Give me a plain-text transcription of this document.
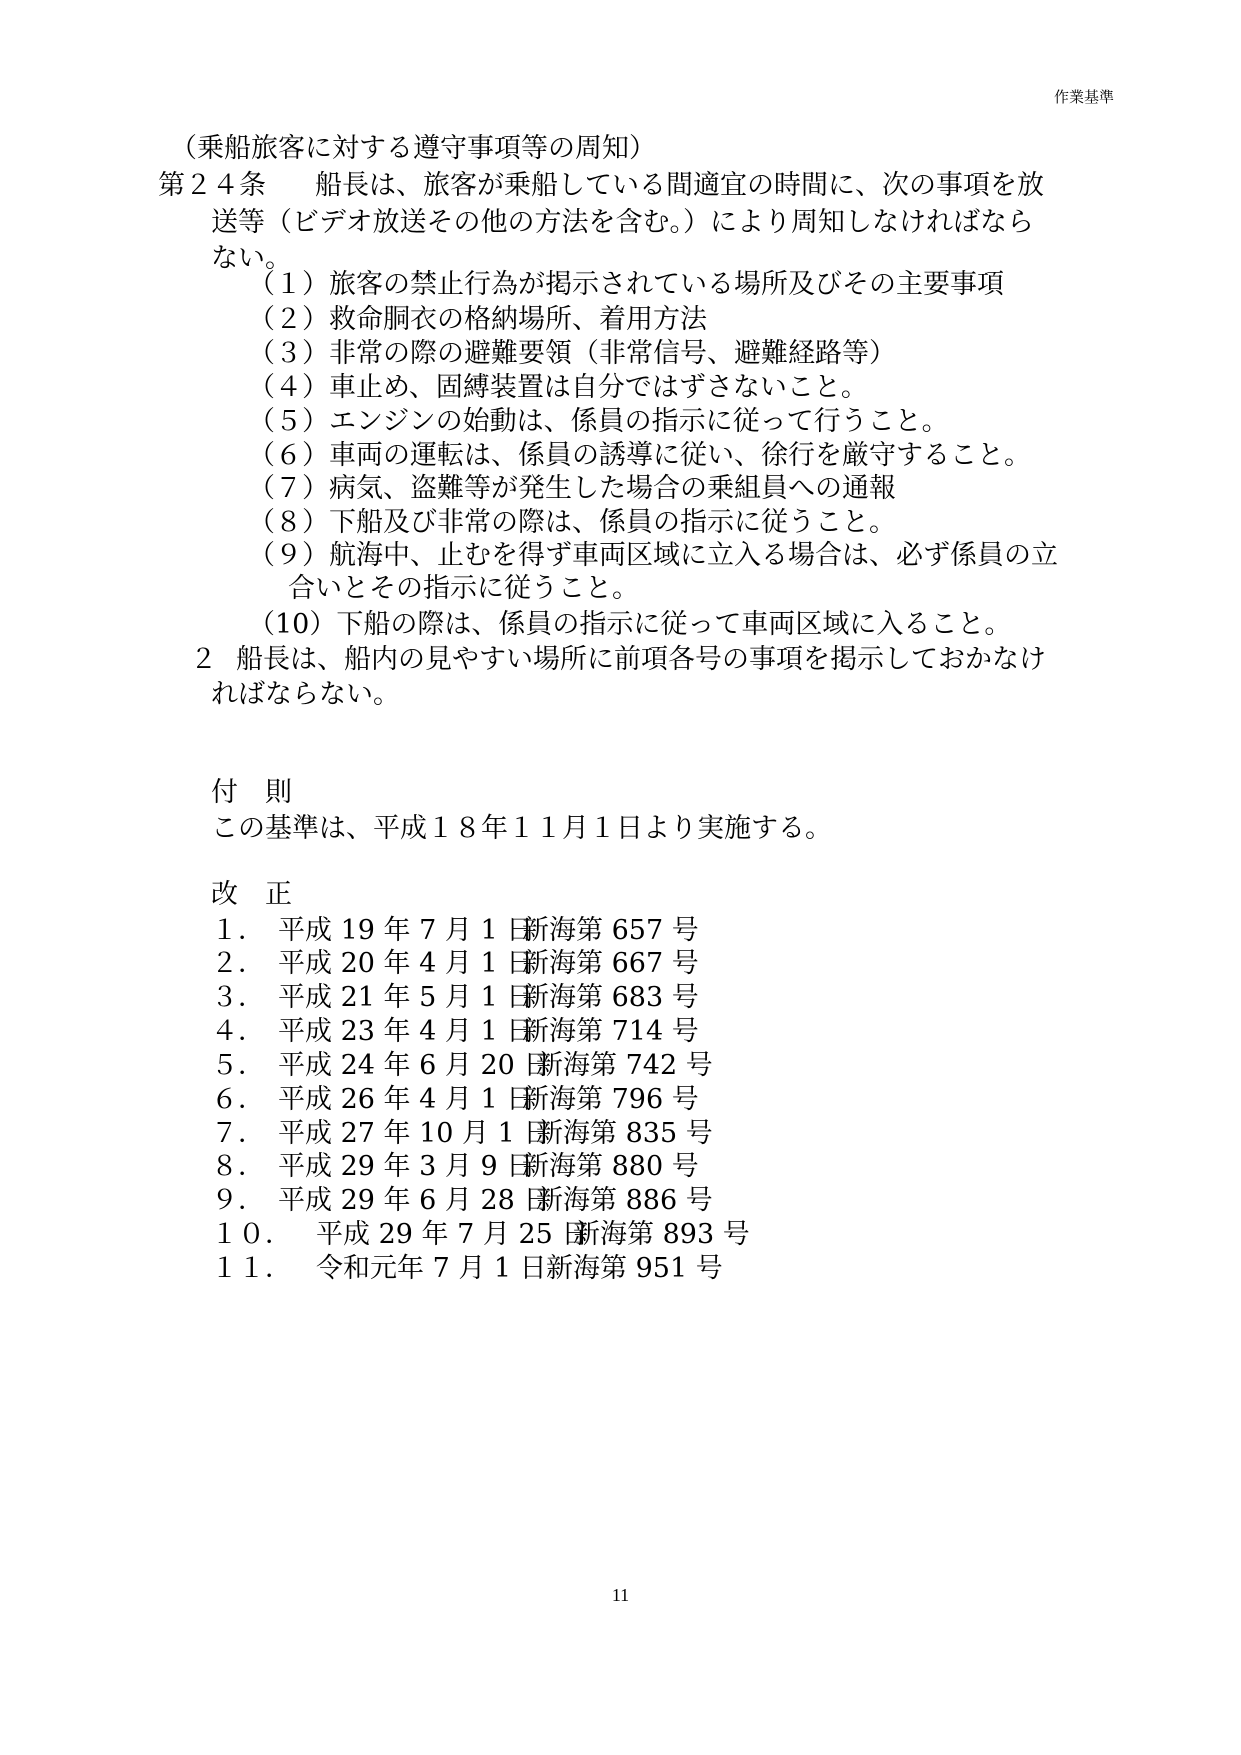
作業基準
（乗船旅客に対する遵守事項等の周知）
第２４条 船長は、旅客が乗船している間適宜の時間に、次の事項を放
送等（ビデオ放送その他の方法を含む。）により周知しなければなら
ない。
（１）旅客の禁止行為が掲示されている場所及びその主要事項
（２）救命胴衣の格納場所、着用方法
（３）非常の際の避難要領（非常信号、避難経路等）
（４）車止め、固縛装置は自分ではずさないこと。
（５）エンジンの始動は、係員の指示に従って行うこと。
（６）車両の運転は、係員の誘導に従い、徐行を厳守すること。
（７）病気、盗難等が発生した場合の乗組員への通報
（８）下船及び非常の際は、係員の指示に従うこと。
（９）航海中、止むを得ず車両区域に立入る場合は、必ず係員の立
合いとその指示に従うこと。
（10）下船の際は、係員の指示に従って車両区域に入ること。
２ 船長は、船内の見やすい場所に前項各号の事項を掲示しておかなけ
ればならない。
付　則
この基準は、平成１８年１１月１日より実施する。
改　正
１． 平成 19 年 7 月 1 日
新海第 657 号
２． 平成 20 年 4 月 1 日
新海第 667 号
３． 平成 21 年 5 月 1 日
新海第 683 号
４． 平成 23 年 4 月 1 日
新海第 714 号
５． 平成 24 年 6 月 20 日
新海第 742 号
６． 平成 26 年 4 月 1 日
新海第 796 号
７． 平成 27 年 10 月 1 日
新海第 835 号
８． 平成 29 年 3 月 9 日
新海第 880 号
９． 平成 29 年 6 月 28 日
新海第 886 号
１０． 平成 29 年 7 月 25 日
新海第 893 号
１１． 令和元年 7 月 1 日 新海第 951 号
11
